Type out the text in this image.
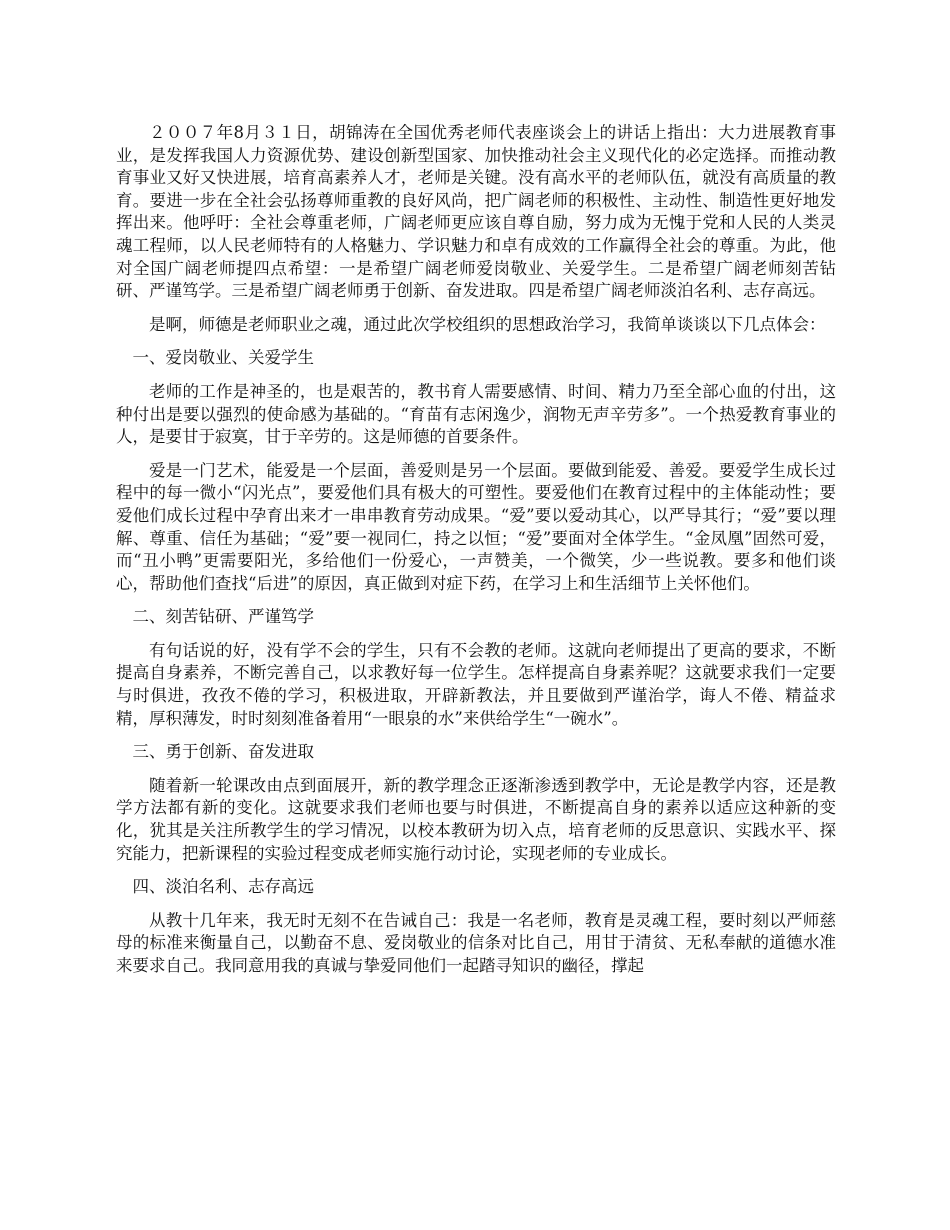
２００７年8月３１日，胡锦涛在全国优秀老师代表座谈会上的讲话上指出：大力进展教育事业，是发挥我国人力资源优势、建设创新型国家、加快推动社会主义现代化的必定选择。而推动教育事业又好又快进展，培育高素养人才，老师是关键。没有高水平的老师队伍，就没有高质量的教育。要进一步在全社会弘扬尊师重教的良好风尚，把广阔老师的积极性、主动性、制造性更好地发挥出来。他呼吁：全社会尊重老师，广阔老师更应该自尊自励，努力成为无愧于党和人民的人类灵魂工程师，以人民老师特有的人格魅力、学识魅力和卓有成效的工作赢得全社会的尊重。为此，他对全国广阔老师提四点希望：一是希望广阔老师爱岗敬业、关爱学生。二是希望广阔老师刻苦钻研、严谨笃学。三是希望广阔老师勇于创新、奋发进取。四是希望广阔老师淡泊名利、志存高远。

是啊，师德是老师职业之魂，通过此次学校组织的思想政治学习，我简单谈谈以下几点体会：

一、爱岗敬业、关爱学生

老师的工作是神圣的，也是艰苦的，教书育人需要感情、时间、精力乃至全部心血的付出，这种付出是要以强烈的使命感为基础的。“育苗有志闲逸少，润物无声辛劳多”。一个热爱教育事业的人，是要甘于寂寞，甘于辛劳的。这是师德的首要条件。

爱是一门艺术，能爱是一个层面，善爱则是另一个层面。要做到能爱、善爱。要爱学生成长过程中的每一微小“闪光点”，要爱他们具有极大的可塑性。要爱他们在教育过程中的主体能动性；要爱他们成长过程中孕育出来才一串串教育劳动成果。“爱”要以爱动其心，以严导其行；“爱”要以理解、尊重、信任为基础；“爱”要一视同仁，持之以恒；“爱”要面对全体学生。“金凤凰”固然可爱，而“丑小鸭”更需要阳光，多给他们一份爱心，一声赞美，一个微笑，少一些说教。要多和他们谈心，帮助他们查找“后进”的原因，真正做到对症下药，在学习上和生活细节上关怀他们。

二、刻苦钻研、严谨笃学

有句话说的好，没有学不会的学生，只有不会教的老师。这就向老师提出了更高的要求，不断提高自身素养，不断完善自己，以求教好每一位学生。怎样提高自身素养呢？这就要求我们一定要与时俱进，孜孜不倦的学习，积极进取，开辟新教法，并且要做到严谨治学，诲人不倦、精益求精，厚积薄发，时时刻刻准备着用“一眼泉的水”来供给学生“一碗水”。

三、勇于创新、奋发进取

随着新一轮课改由点到面展开，新的教学理念正逐渐渗透到教学中，无论是教学内容，还是教学方法都有新的变化。这就要求我们老师也要与时俱进，不断提高自身的素养以适应这种新的变化，犹其是关注所教学生的学习情况，以校本教研为切入点，培育老师的反思意识、实践水平、探究能力，把新课程的实验过程变成老师实施行动讨论，实现老师的专业成长。

四、淡泊名利、志存高远

从教十几年来，我无时无刻不在告诫自己：我是一名老师，教育是灵魂工程，要时刻以严师慈母的标准来衡量自己，以勤奋不息、爱岗敬业的信条对比自己，用甘于清贫、无私奉献的道德水准来要求自己。我同意用我的真诚与挚爱同他们一起踏寻知识的幽径，撑起
